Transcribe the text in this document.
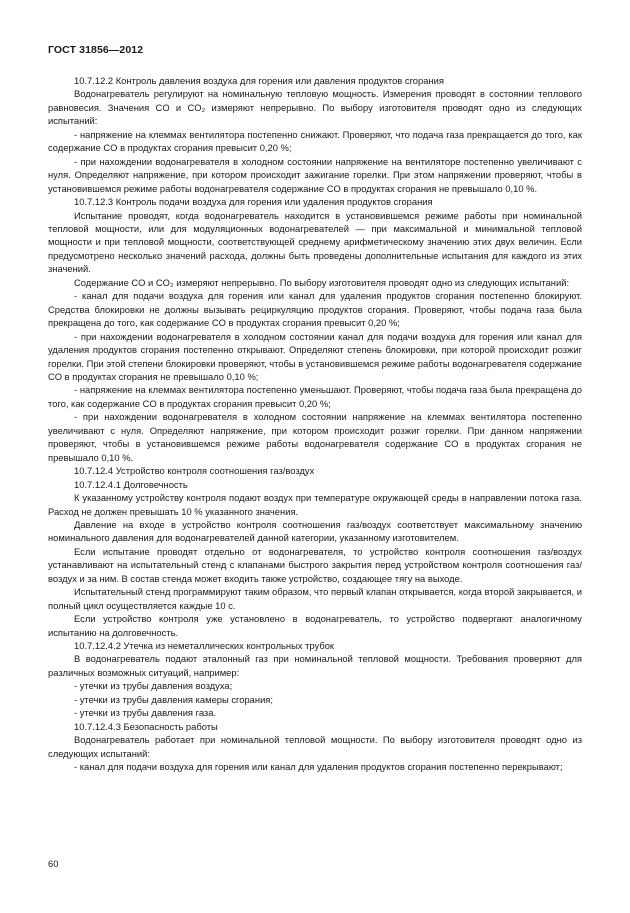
ГОСТ 31856—2012

10.7.12.2 Контроль давления воздуха для горения или давления продуктов сгорания

Водонагреватель регулируют на номинальную тепловую мощность. Измерения проводят в состоянии теплового равновесия. Значения CO и CO₂ измеряют непрерывно. По выбору изготовителя проводят одно из следующих испытаний:

- напряжение на клеммах вентилятора постепенно снижают. Проверяют, что подача газа прекращается до того, как содержание CO в продуктах сгорания превысит 0,20 %;

- при нахождении водонагревателя в холодном состоянии напряжение на вентиляторе постепенно увеличивают с нуля. Определяют напряжение, при котором происходит зажигание горелки. При этом напряжении проверяют, чтобы в установившемся режиме работы водонагревателя содержание CO в продуктах сгорания не превышало 0,10 %.

10.7.12.3 Контроль подачи воздуха для горения или удаления продуктов сгорания

Испытание проводят, когда водонагреватель находится в установившемся режиме работы при номинальной тепловой мощности, или для модуляционных водонагревателей — при максимальной и минимальной тепловой мощности и при тепловой мощности, соответствующей среднему арифметическому значению этих двух величин. Если предусмотрено несколько значений расхода, должны быть проведены дополнительные испытания для каждого из этих значений.

Содержание CO и CO₂ измеряют непрерывно. По выбору изготовителя проводят одно из следующих испытаний:

- канал для подачи воздуха для горения или канал для удаления продуктов сгорания постепенно блокируют. Средства блокировки не должны вызывать рециркуляцию продуктов сгорания. Проверяют, чтобы подача газа была прекращена до того, как содержание CO в продуктах сгорания превысит 0,20 %;

- при нахождении водонагревателя в холодном состоянии канал для подачи воздуха для горения или канал для удаления продуктов сгорания постепенно открывают. Определяют степень блокировки, при которой происходит розжиг горелки. При этой степени блокировки проверяют, чтобы в установившемся режиме работы водонагревателя содержание CO в продуктах сгорания не превышало 0,10 %;

- напряжение на клеммах вентилятора постепенно уменьшают. Проверяют, чтобы подача газа была прекращена до того, как содержание CO в продуктах сгорания превысит 0,20 %;

- при нахождении водонагревателя в холодном состоянии напряжение на клеммах вентилятора постепенно увеличивают с нуля. Определяют напряжение, при котором происходит розжиг горелки. При данном напряжении проверяют, чтобы в установившемся режиме работы водонагревателя содержание CO в продуктах сгорания не превышало 0,10 %.

10.7.12.4 Устройство контроля соотношения газ/воздух

10.7.12.4.1 Долговечность

К указанному устройству контроля подают воздух при температуре окружающей среды в направлении потока газа. Расход не должен превышать 10 % указанного значения.

Давление на входе в устройство контроля соотношения газ/воздух соответствует максимальному значению номинального давления для водонагревателей данной категории, указанному изготовителем.

Если испытание проводят отдельно от водонагревателя, то устройство контроля соотношения газ/воздух устанавливают на испытательный стенд с клапанами быстрого закрытия перед устройством контроля соотношения газ/воздух и за ним. В состав стенда может входить также устройство, создающее тягу на выходе.

Испытательный стенд программируют таким образом, что первый клапан открывается, когда второй закрывается, и полный цикл осуществляется каждые 10 с.

Если устройство контроля уже установлено в водонагреватель, то устройство подвергают аналогичному испытанию на долговечность.

10.7.12.4.2 Утечка из неметаллических контрольных трубок

В водонагреватель подают эталонный газ при номинальной тепловой мощности. Требования проверяют для различных возможных ситуаций, например:

- утечки из трубы давления воздуха;

- утечки из трубы давления камеры сгорания;

- утечки из трубы давления газа.

10.7.12.4.3 Безопасность работы

Водонагреватель работает при номинальной тепловой мощности. По выбору изготовителя проводят одно из следующих испытаний:

- канал для подачи воздуха для горения или канал для удаления продуктов сгорания постепенно перекрывают;

60
